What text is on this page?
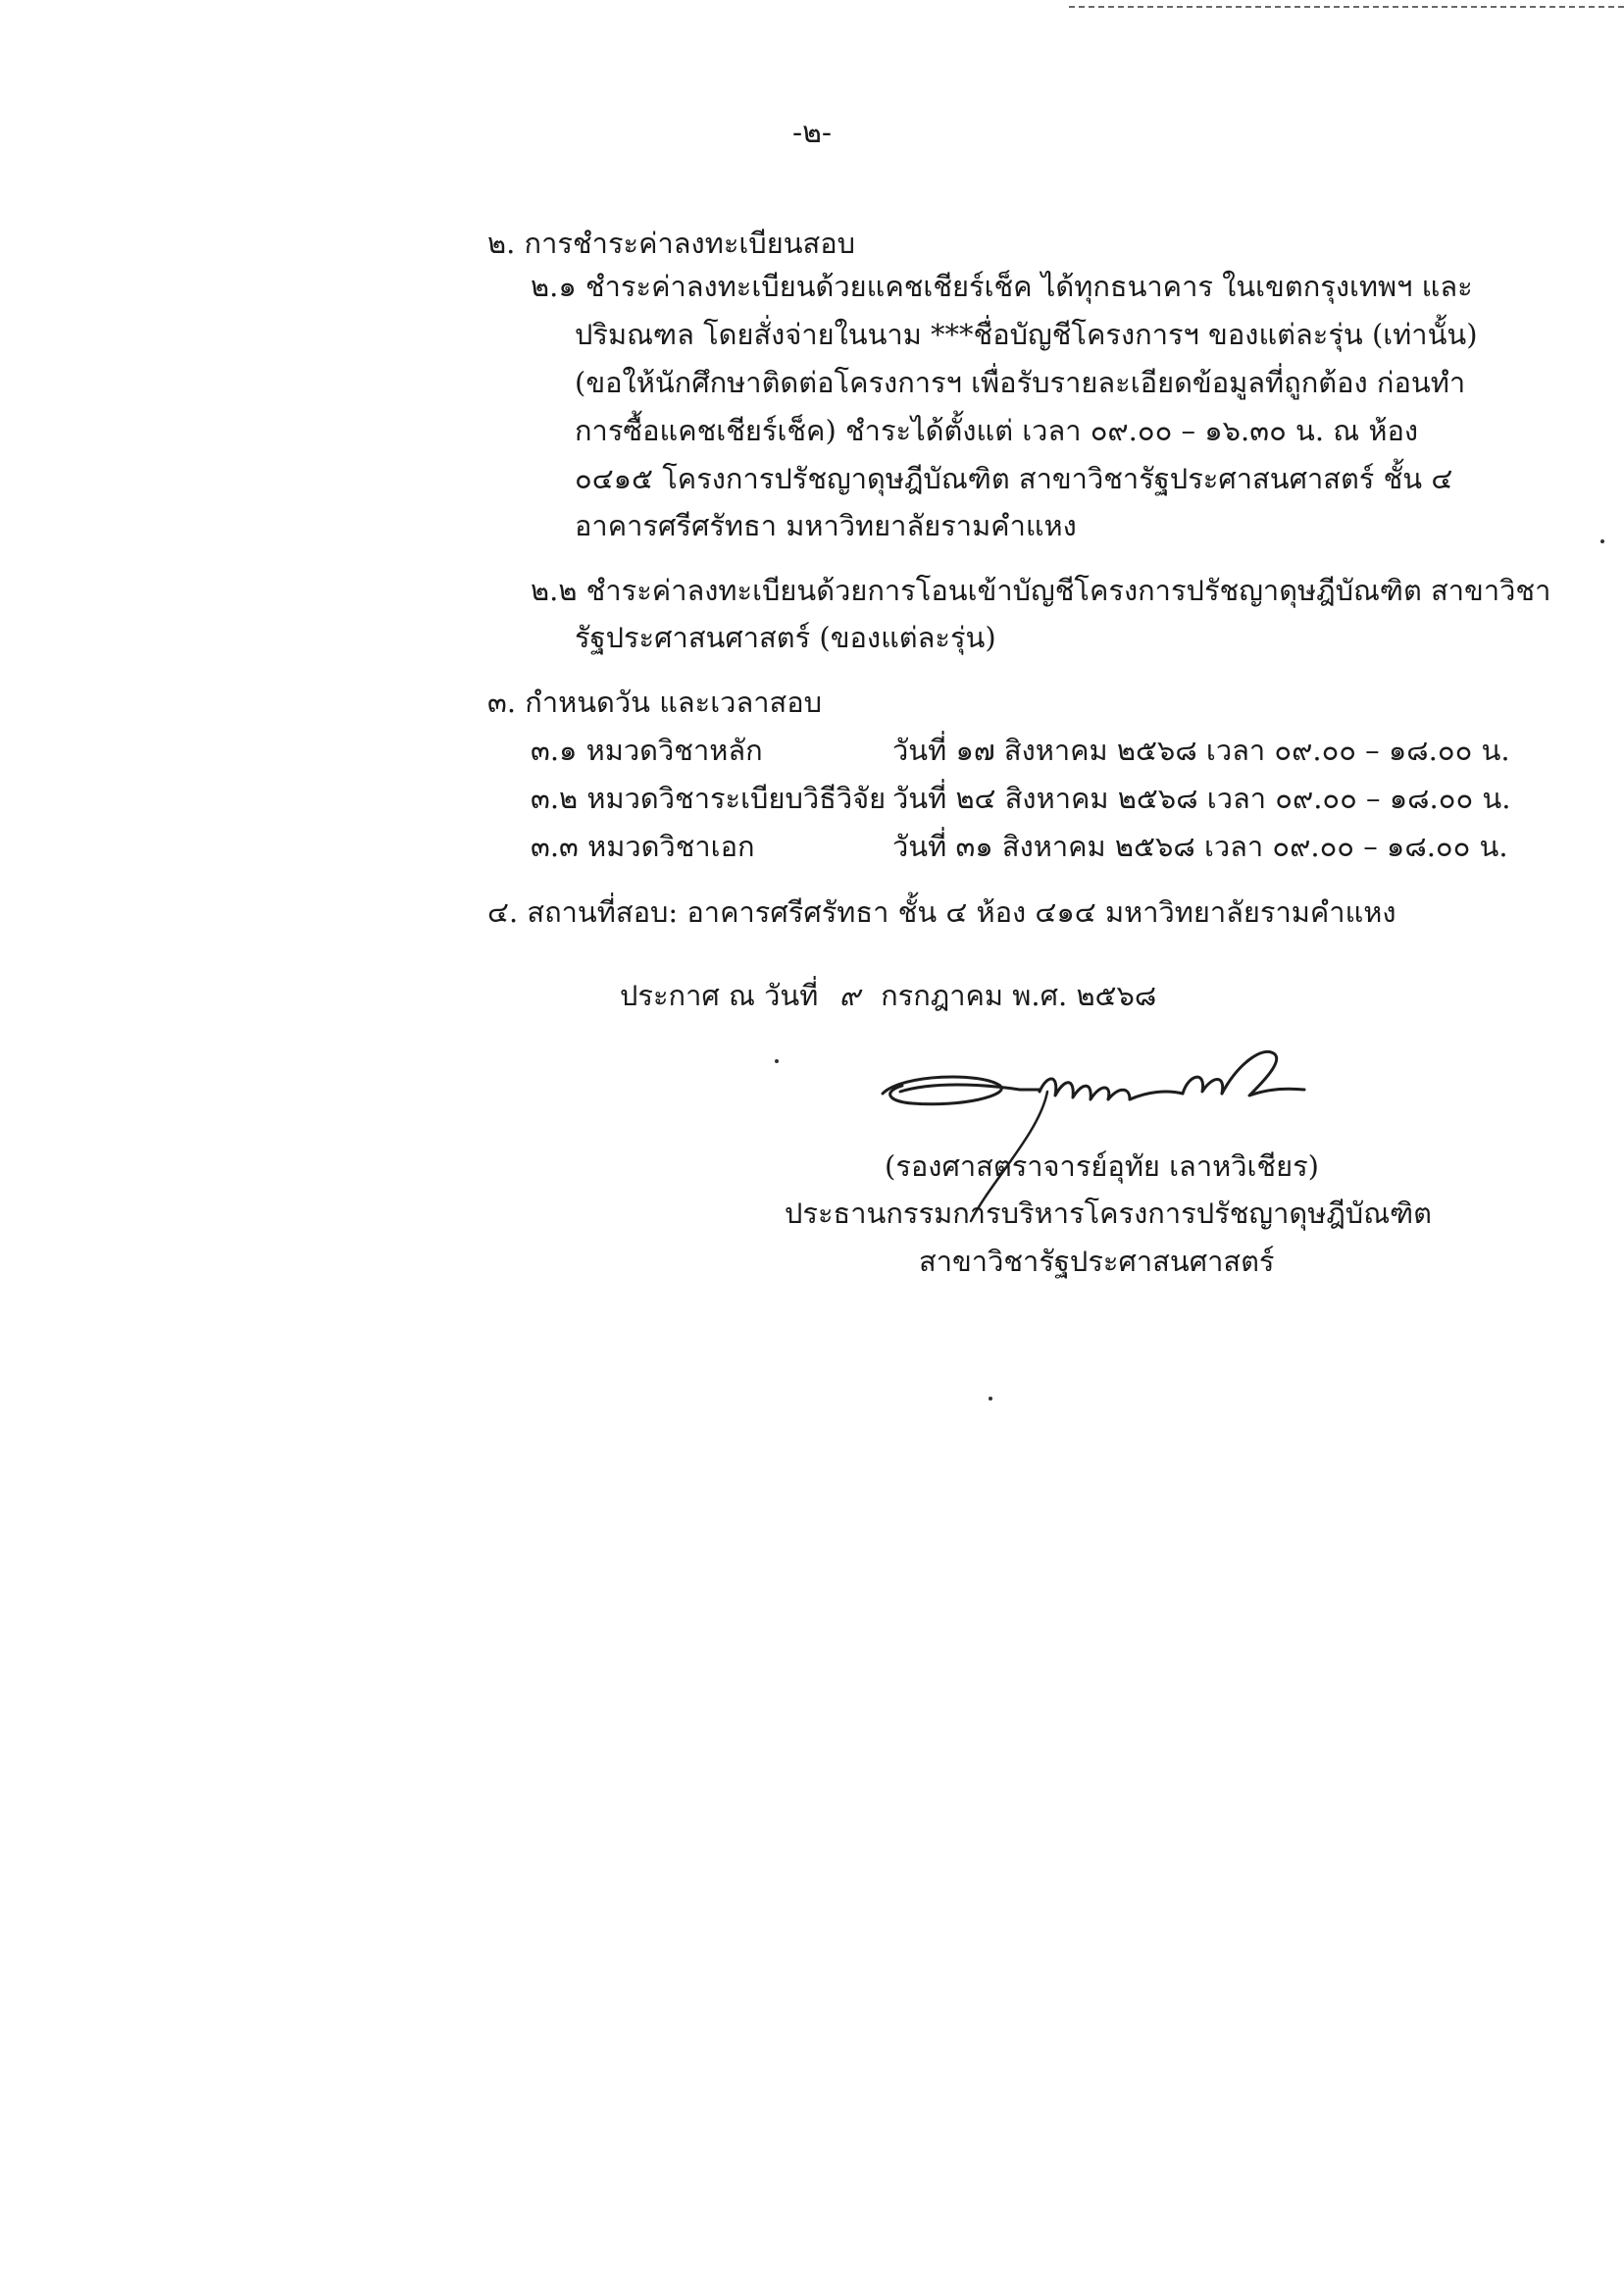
-๒-
๒. การชำระค่าลงทะเบียนสอบ
๒.๑ ชำระค่าลงทะเบียนด้วยแคชเชียร์เช็ค ได้ทุกธนาคาร ในเขตกรุงเทพฯ และ
ปริมณฑล โดยสั่งจ่ายในนาม ***ชื่อบัญชีโครงการฯ ของแต่ละรุ่น (เท่านั้น)
(ขอให้นักศึกษาติดต่อโครงการฯ เพื่อรับรายละเอียดข้อมูลที่ถูกต้อง ก่อนทำ
การซื้อแคชเชียร์เช็ค) ชำระได้ตั้งแต่ เวลา ๐๙.๐๐ – ๑๖.๓๐ น. ณ ห้อง
๐๔๑๕ โครงการปรัชญาดุษฎีบัณฑิต สาขาวิชารัฐประศาสนศาสตร์ ชั้น ๔
อาคารศรีศรัทธา มหาวิทยาลัยรามคำแหง
๒.๒ ชำระค่าลงทะเบียนด้วยการโอนเข้าบัญชีโครงการปรัชญาดุษฎีบัณฑิต สาขาวิชา
รัฐประศาสนศาสตร์ (ของแต่ละรุ่น)
๓. กำหนดวัน และเวลาสอบ
๓.๑ หมวดวิชาหลัก	วันที่ ๑๗ สิงหาคม ๒๕๖๘ เวลา ๐๙.๐๐ – ๑๘.๐๐ น.
๓.๒ หมวดวิชาระเบียบวิธีวิจัย วันที่ ๒๔ สิงหาคม ๒๕๖๘ เวลา ๐๙.๐๐ – ๑๘.๐๐ น.
๓.๓ หมวดวิชาเอก	วันที่ ๓๑ สิงหาคม ๒๕๖๘ เวลา ๐๙.๐๐ – ๑๘.๐๐ น.
๔. สถานที่สอบ: อาคารศรีศรัทธา ชั้น ๔ ห้อง ๔๑๔ มหาวิทยาลัยรามคำแหง
ประกาศ ณ วันที่ ๙ กรกฎาคม พ.ศ. ๒๕๖๘
(รองศาสตราจารย์อุทัย เลาหวิเชียร)
ประธานกรรมการบริหารโครงการปรัชญาดุษฎีบัณฑิต
สาขาวิชารัฐประศาสนศาสตร์
